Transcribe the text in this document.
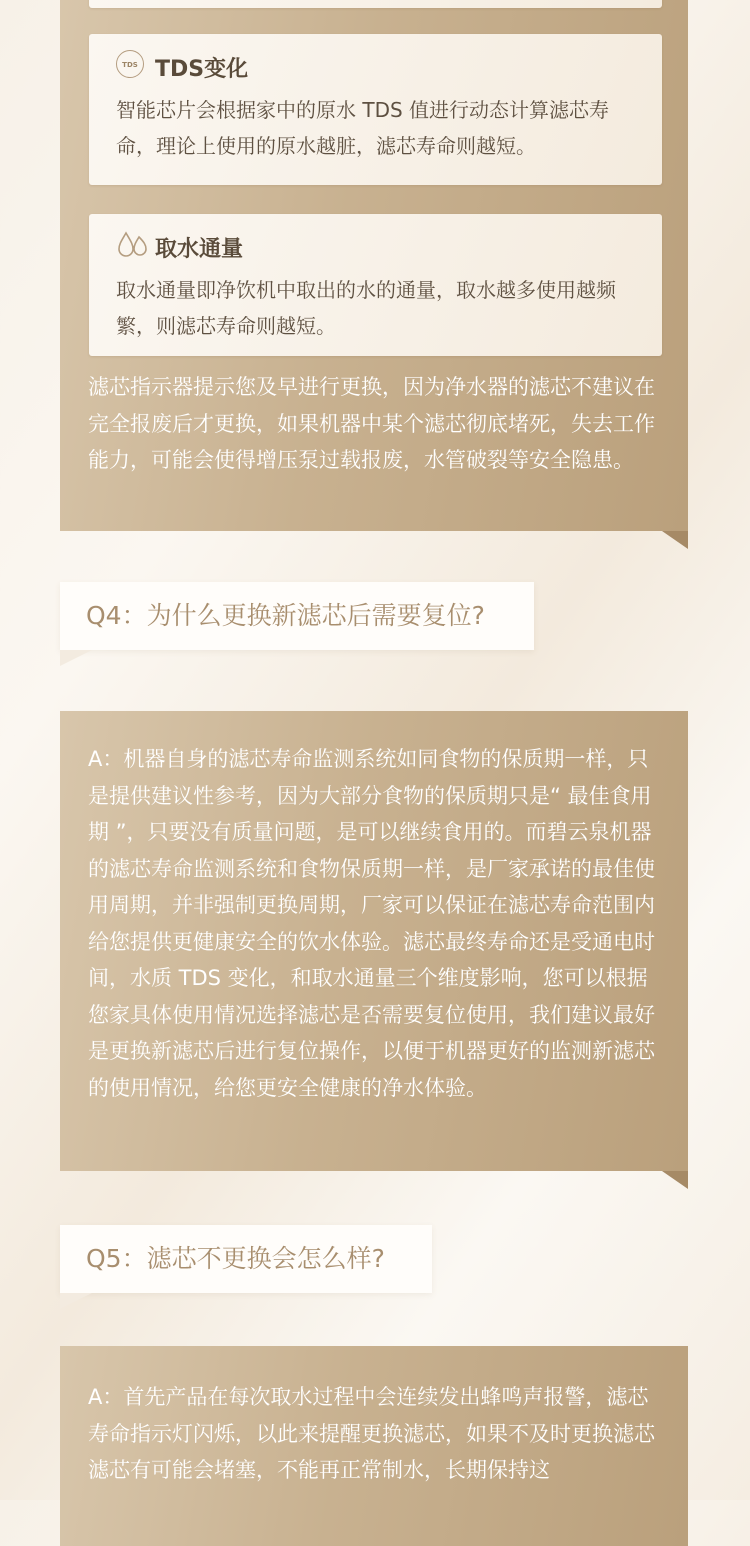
TDS TDS变化
智能芯片会根据家中的原水 TDS 值进行动态计算滤芯寿命，理论上使用的原水越脏，滤芯寿命则越短。
取水通量
取水通量即净饮机中取出的水的通量，取水越多使用越频繁，则滤芯寿命则越短。
滤芯指示器提示您及早进行更换，因为净水器的滤芯不建议在完全报废后才更换，如果机器中某个滤芯彻底堵死，失去工作能力，可能会使得增压泵过载报废，水管破裂等安全隐患。
Q4：为什么更换新滤芯后需要复位?
A：机器自身的滤芯寿命监测系统如同食物的保质期一样，只是提供建议性参考，因为大部分食物的保质期只是“ 最佳食用期 ”，只要没有质量问题，是可以继续食用的。而碧云泉机器的滤芯寿命监测系统和食物保质期一样，是厂家承诺的最佳使用周期，并非强制更换周期，厂家可以保证在滤芯寿命范围内给您提供更健康安全的饮水体验。滤芯最终寿命还是受通电时间，水质 TDS 变化，和取水通量三个维度影响，您可以根据您家具体使用情况选择滤芯是否需要复位使用，我们建议最好是更换新滤芯后进行复位操作，以便于机器更好的监测新滤芯的使用情况，给您更安全健康的净水体验。
Q5：滤芯不更换会怎么样?
A：首先产品在每次取水过程中会连续发出蜂鸣声报警，滤芯寿命指示灯闪烁，以此来提醒更换滤芯，如果不及时更换滤芯滤芯有可能会堵塞，不能再正常制水，长期保持这
